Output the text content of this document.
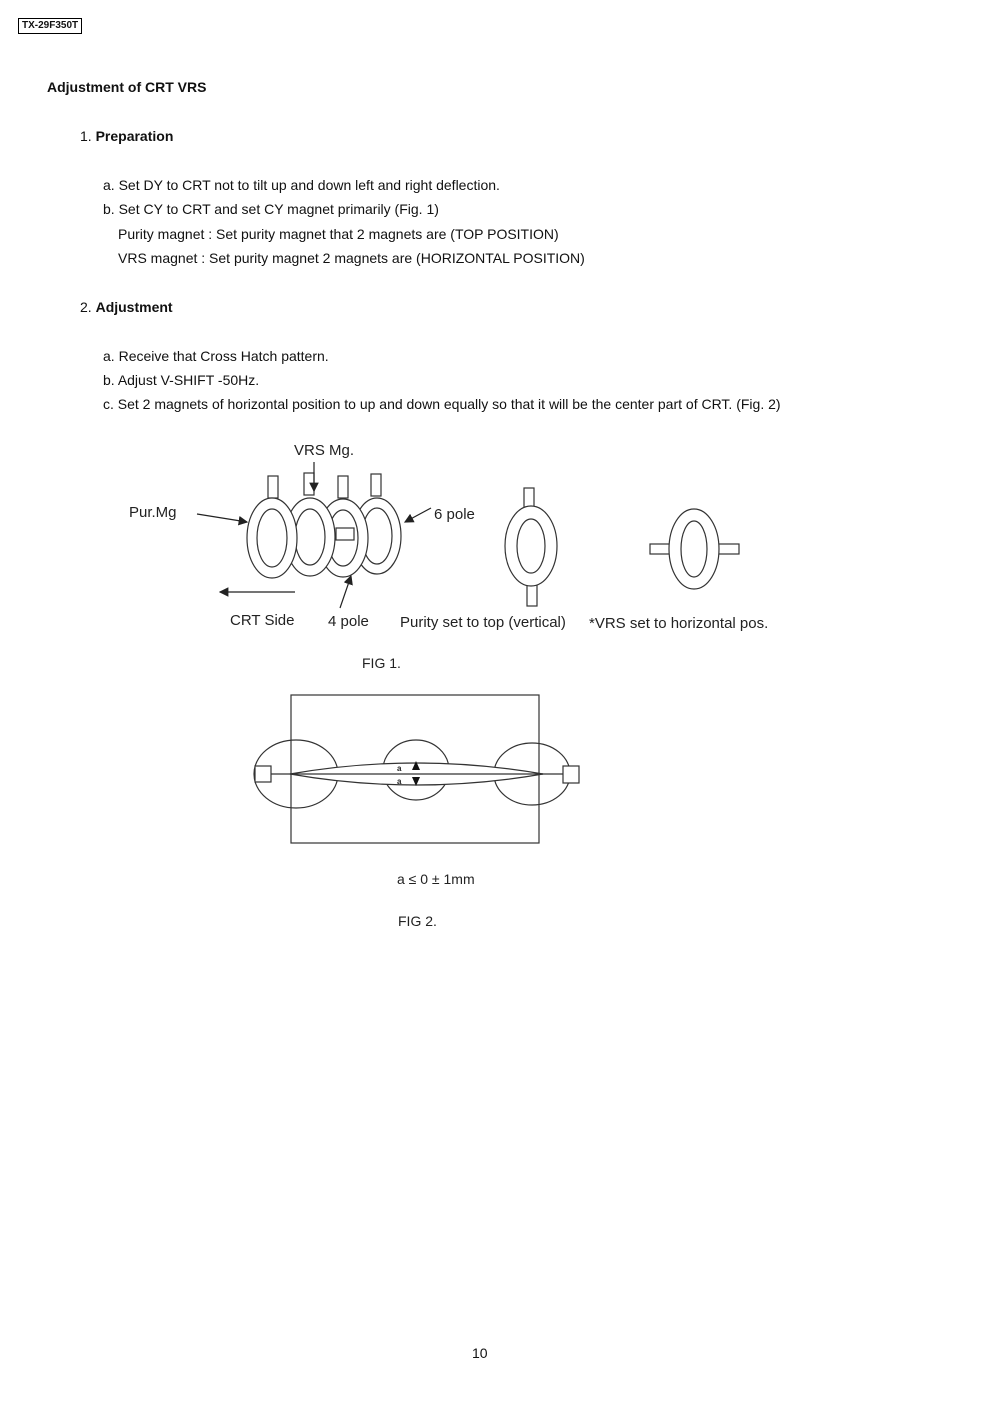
TX-29F350T
Adjustment of CRT VRS
1. Preparation
a. Set DY to CRT not to tilt up and down left and right deflection.
b. Set CY to CRT and set CY magnet primarily (Fig. 1)
Purity magnet : Set purity magnet that 2 magnets are (TOP POSITION)
VRS magnet : Set purity magnet 2 magnets are (HORIZONTAL POSITION)
2. Adjustment
a. Receive that Cross Hatch pattern.
b. Adjust V-SHIFT -50Hz.
c. Set 2 magnets of horizontal position to up and down equally so that it will be the center part of CRT. (Fig. 2)
VRS Mg.
Pur.Mg	6 pole
CRT Side 4 pole Purity set to top (vertical) *VRS set to horizontal pos.
FIG 1.
a
a
a ≤ 0 ± 1mm
FIG 2.
10
